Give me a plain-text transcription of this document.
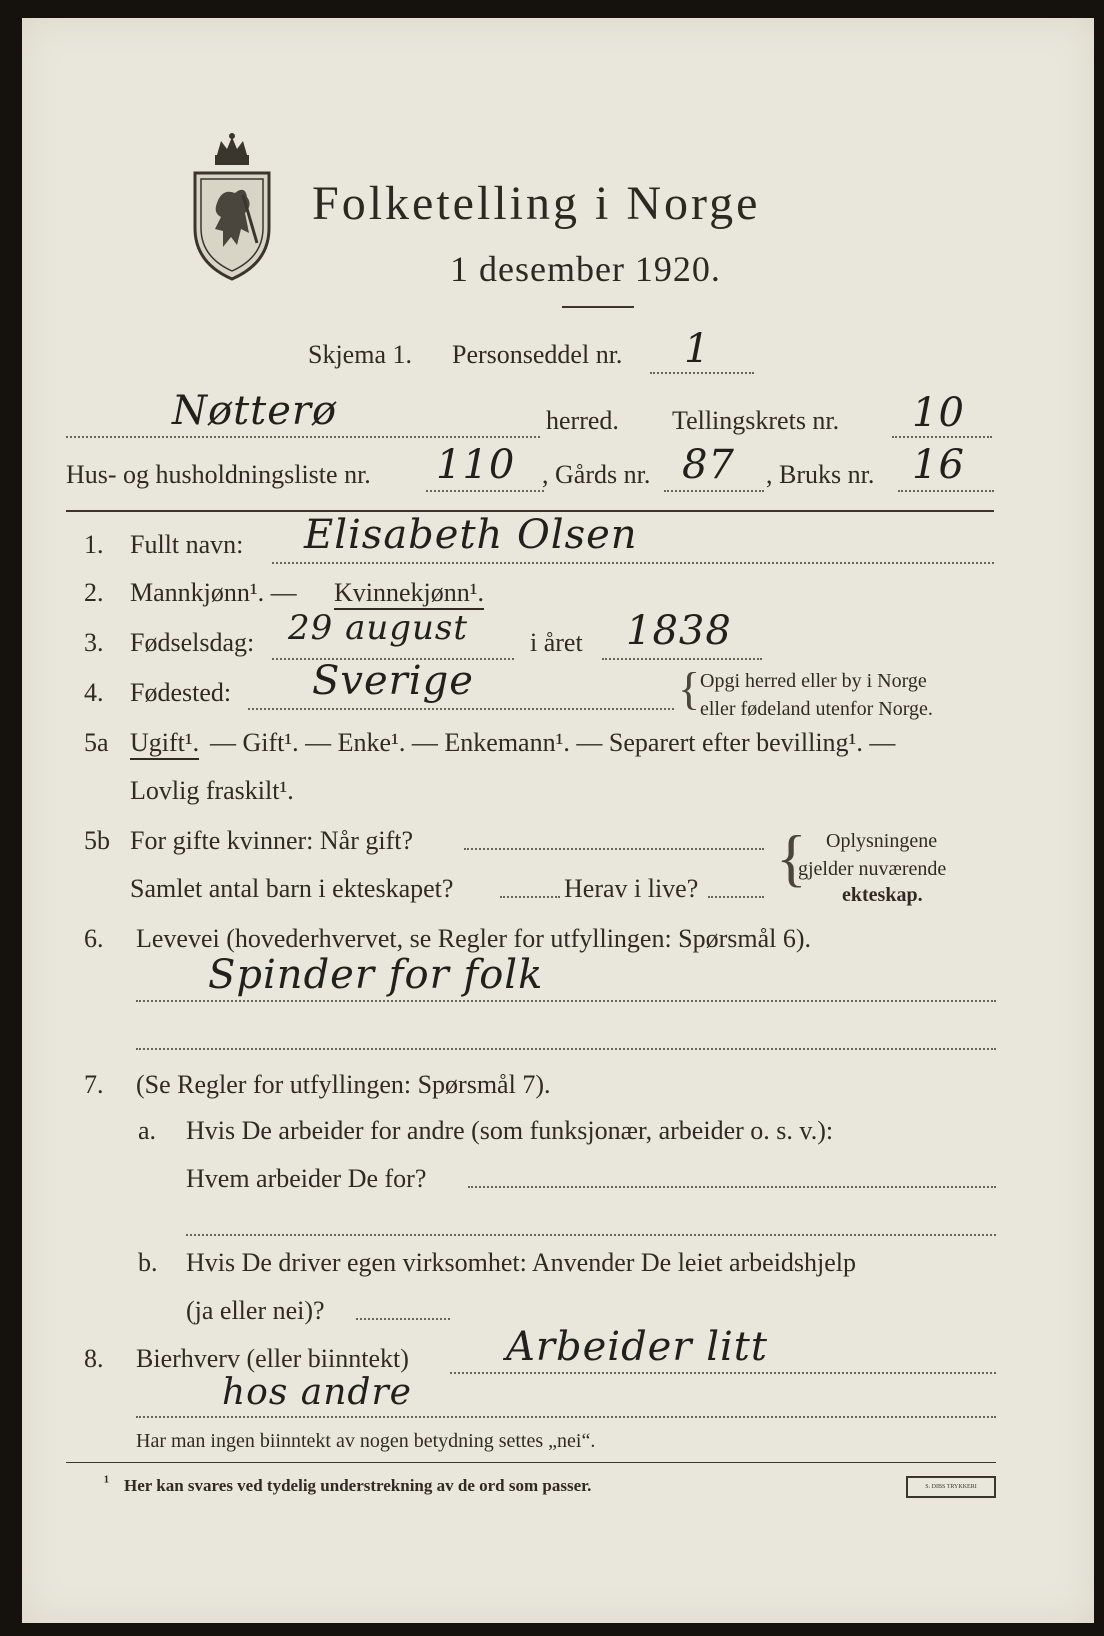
Folketelling i Norge
1 desember 1920.
Skjema 1. Personseddel nr. 1
Nøtterø	herred. Tellingskrets nr. 10
Hus- og husholdningsliste nr. 110 , Gårds nr. 87 , Bruks nr. 16
1. Fullt navn: Elisabeth Olsen
2. Mannkjønn¹. — Kvinnekjønn¹.
3. Fødselsdag: 29 august i året 1838
4. Fødested: Sverige	{ Opgi herred eller by i Norge
eller fødeland utenfor Norge.
5a Ugift¹. — Gift¹. — Enke¹. — Enkemann¹. — Separert efter bevilling¹. —
Lovlig fraskilt¹.
5b For gifte kvinner: Når gift?
Samlet antal barn i ekteskapet?	Herav i live? { Oplysningene
gjelder nuværende
ekteskap.
6. Levevei (hovederhvervet, se Regler for utfyllingen: Spørsmål 6).
Spinder for folk
7. (Se Regler for utfyllingen: Spørsmål 7).
a. Hvis De arbeider for andre (som funksjonær, arbeider o. s. v.):
Hvem arbeider De for?
b. Hvis De driver egen virksomhet: Anvender De leiet arbeidshjelp
(ja eller nei)?
8. Bierhverv (eller biinntekt) Arbeider litt
hos andre
Har man ingen biinntekt av nogen betydning settes „nei“.
¹ Her kan svares ved tydelig understrekning av de ord som passer.	S. DIBS TRYKKERI
